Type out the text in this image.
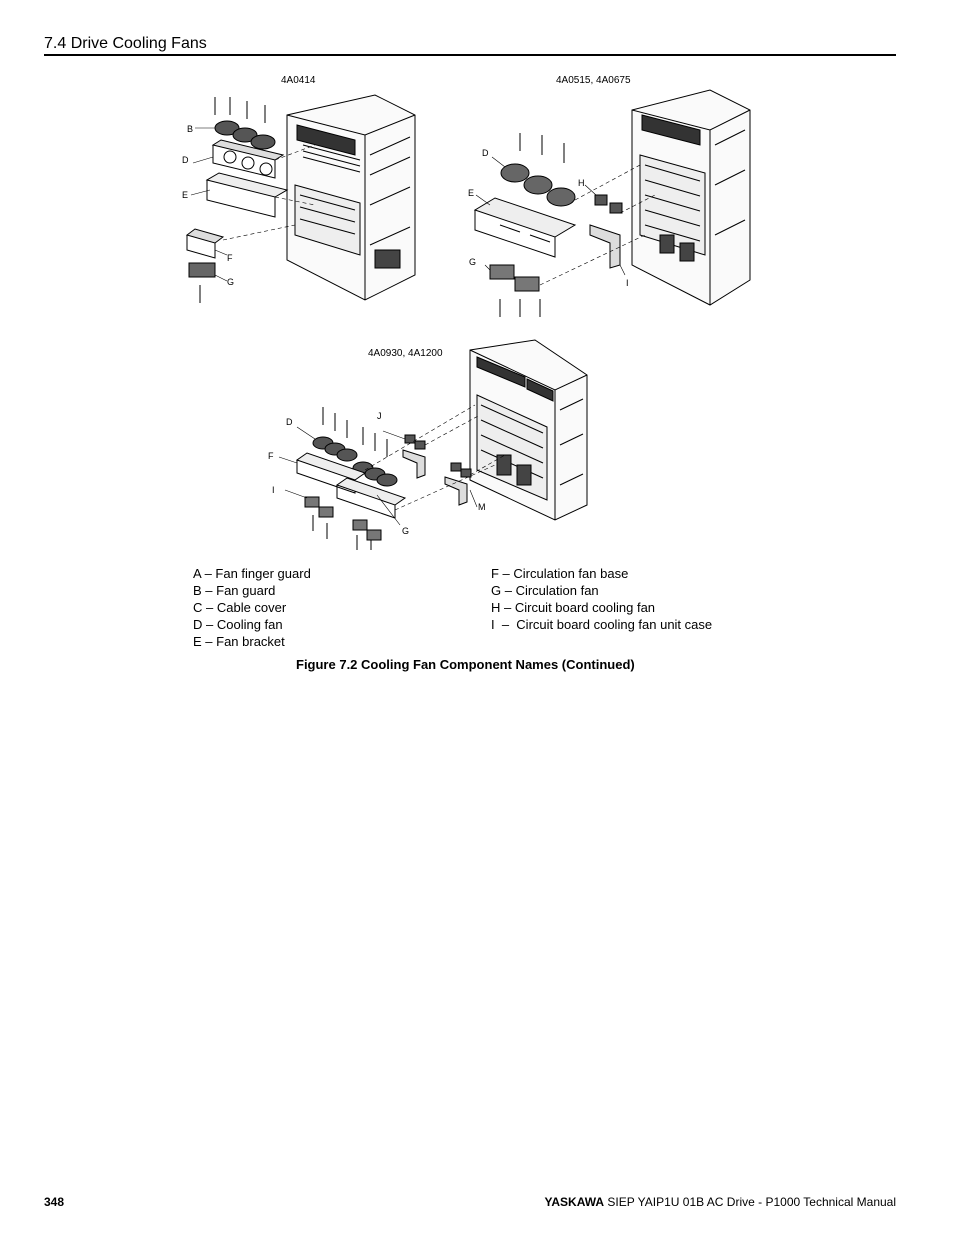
7.4 Drive Cooling Fans
4A0414
B
D
E
F
G
4A0515, 4A0675
D
E
H
G
I
4A0930, 4A1200
D
J
F
I
M
G
A – Fan finger guard
B – Fan guard
C – Cable cover
D – Cooling fan
E – Fan bracket
F – Circulation fan base
G – Circulation fan
H – Circuit board cooling fan
I  –  Circuit board cooling fan unit case
Figure 7.2 Cooling Fan Component Names (Continued)
348	YASKAWA SIEP YAIP1U 01B AC Drive - P1000 Technical Manual
